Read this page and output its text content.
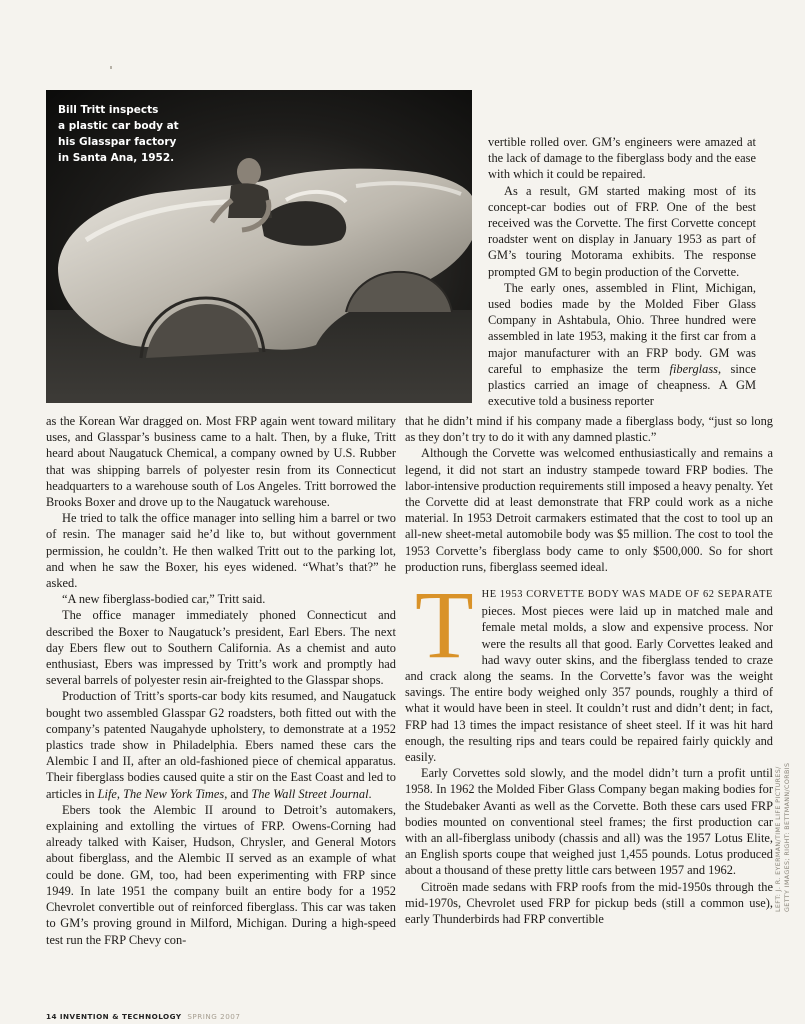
Bill Tritt inspects
a plastic car body at
his Glasspar factory
in Santa Ana, 1952.

vertible rolled over. GM’s engineers were amazed at the lack of damage to the fiberglass body and the ease with which it could be repaired.

As a result, GM started making most of its concept-car bodies out of FRP. One of the best received was the Corvette. The first Corvette concept roadster went on display in January 1953 as part of GM’s touring Motorama exhibits. The response prompted GM to begin production of the Corvette.

The early ones, assembled in Flint, Michigan, used bodies made by the Molded Fiber Glass Company in Ashtabula, Ohio. Three hundred were assembled in late 1953, making it the first car from a major manufacturer with an FRP body. GM was careful to emphasize the term fiberglass, since plastics carried an image of cheapness. A GM executive told a business reporter

as the Korean War dragged on. Most FRP again went toward military uses, and Glasspar’s business came to a halt. Then, by a fluke, Tritt heard about Naugatuck Chemical, a company owned by U.S. Rubber that was shipping barrels of polyester resin from its Connecticut headquarters to a warehouse south of Los Angeles. Tritt borrowed the Brooks Boxer and drove up to the Naugatuck warehouse.

He tried to talk the office manager into selling him a barrel or two of resin. The manager said he’d like to, but without government permission, he couldn’t. He then walked Tritt out to the parking lot, and when he saw the Boxer, his eyes widened. “What’s that?” he asked.

“A new fiberglass-bodied car,” Tritt said.

The office manager immediately phoned Connecticut and described the Boxer to Naugatuck’s president, Earl Ebers. The next day Ebers flew out to Southern California. As a chemist and auto enthusiast, Ebers was impressed by Tritt’s work and promptly had several barrels of polyester resin air-freighted to the Glasspar shops.

Production of Tritt’s sports-car body kits resumed, and Naugatuck bought two assembled Glasspar G2 roadsters, both fitted out with the company’s patented Naugahyde upholstery, to demonstrate at a 1952 plastics trade show in Philadelphia. Ebers named these cars the Alembic I and II, after an old-fashioned piece of chemical apparatus. Their fiberglass bodies caused quite a stir on the East Coast and led to articles in Life, The New York Times, and The Wall Street Journal.

Ebers took the Alembic II around to Detroit’s automakers, explaining and extolling the virtues of FRP. Owens-Corning had already talked with Kaiser, Hudson, Chrysler, and General Motors about fiberglass, and the Alembic II served as an example of what could be done. GM, too, had been experimenting with FRP since 1949. In late 1951 the company built an entire body for a 1952 Chevrolet convertible out of reinforced fiberglass. This car was taken to GM’s proving ground in Milford, Michigan. During a high-speed test run the FRP Chevy con-

that he didn’t mind if his company made a fiberglass body, “just so long as they don’t try to do it with any damned plastic.”

Although the Corvette was welcomed enthusiastically and remains a legend, it did not start an industry stampede toward FRP bodies. The labor-intensive production requirements still imposed a heavy penalty. Yet the Corvette did at least demonstrate that FRP could work as a niche material. In 1953 Detroit carmakers estimated that the cost to tool up an all-new sheet-metal automobile body was $5 million. The cost to tool the 1953 Corvette’s fiberglass body came to only $500,000. So for short production runs, fiberglass seemed ideal.

THE 1953 CORVETTE BODY WAS MADE OF 62 SEPARATE pieces. Most pieces were laid up in matched male and female metal molds, a slow and expensive process. Nor were the results all that good. Early Corvettes leaked and had wavy outer skins, and the fiberglass tended to craze and crack along the seams. In the Corvette’s favor was the weight savings. The entire body weighed only 357 pounds, roughly a third of what it would have been in steel. It couldn’t rust and didn’t dent; in fact, FRP had 13 times the impact resistance of sheet steel. If it was hit hard enough, the resulting rips and tears could be repaired fairly quickly and easily.

Early Corvettes sold slowly, and the model didn’t turn a profit until 1958. In 1962 the Molded Fiber Glass Company began making bodies for the Studebaker Avanti as well as the Corvette. Both these cars used FRP bodies mounted on conventional steel frames; the first production car with an all-fiberglass unibody (chassis and all) was the 1957 Lotus Elite, an English sports coupe that weighed just 1,455 pounds. Lotus produced about a thousand of these pretty little cars between 1957 and 1962.

Citroën made sedans with FRP roofs from the mid-1950s through the mid-1970s, Chevrolet used FRP for pickup beds (still a common use), early Thunderbirds had FRP convertible

LEFT: J. R. EYERMAN/TIME LIFE PICTURES/ GETTY IMAGES; RIGHT: BETTMANN/CORBIS
14 INVENTION & TECHNOLOGY SPRING 2007
